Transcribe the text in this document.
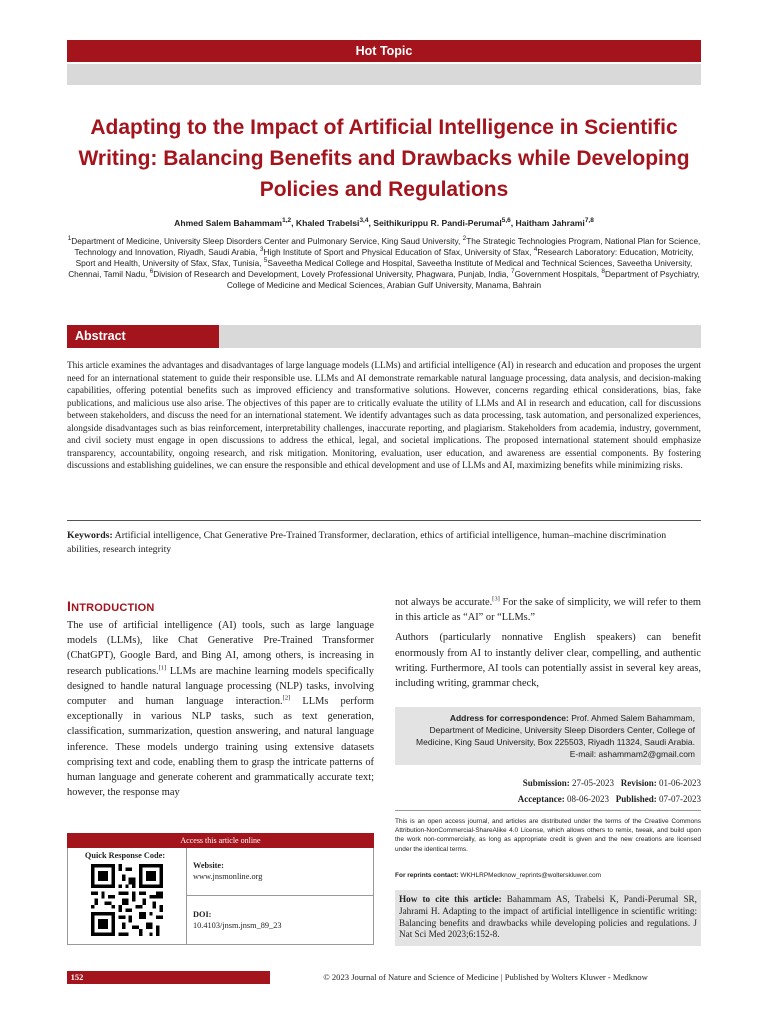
Hot Topic
Adapting to the Impact of Artificial Intelligence in Scientific Writing: Balancing Benefits and Drawbacks while Developing Policies and Regulations
Ahmed Salem Bahammam$^{1,2}$, Khaled Trabelsi$^{3,4}$, Seithikurippu R. Pandi-Perumal$^{5,6}$, Haitham Jahrami$^{7,8}$
$^1$Department of Medicine, University Sleep Disorders Center and Pulmonary Service, King Saud University, $^2$The Strategic Technologies Program, National Plan for Science, Technology and Innovation, Riyadh, Saudi Arabia, $^3$High Institute of Sport and Physical Education of Sfax, University of Sfax, $^4$Research Laboratory: Education, Motricity, Sport and Health, University of Sfax, Sfax, Tunisia, $^5$Saveetha Medical College and Hospital, Saveetha Institute of Medical and Technical Sciences, Saveetha University, Chennai, Tamil Nadu, $^6$Division of Research and Development, Lovely Professional University, Phagwara, Punjab, India, $^7$Government Hospitals, $^8$Department of Psychiatry, College of Medicine and Medical Sciences, Arabian Gulf University, Manama, Bahrain
Abstract
This article examines the advantages and disadvantages of large language models (LLMs) and artificial intelligence (AI) in research and education and proposes the urgent need for an international statement to guide their responsible use. LLMs and AI demonstrate remarkable natural language processing, data analysis, and decision-making capabilities, offering potential benefits such as improved efficiency and transformative solutions. However, concerns regarding ethical considerations, bias, fake publications, and malicious use also arise. The objectives of this paper are to critically evaluate the utility of LLMs and AI in research and education, call for discussions between stakeholders, and discuss the need for an international statement. We identify advantages such as data processing, task automation, and personalized experiences, alongside disadvantages such as bias reinforcement, interpretability challenges, inaccurate reporting, and plagiarism. Stakeholders from academia, industry, government, and civil society must engage in open discussions to address the ethical, legal, and societal implications. The proposed international statement should emphasize transparency, accountability, ongoing research, and risk mitigation. Monitoring, evaluation, user education, and awareness are essential components. By fostering discussions and establishing guidelines, we can ensure the responsible and ethical development and use of LLMs and AI, maximizing benefits while minimizing risks.
Keywords: Artificial intelligence, Chat Generative Pre-Trained Transformer, declaration, ethics of artificial intelligence, human–machine discrimination abilities, research integrity
INTRODUCTION
The use of artificial intelligence (AI) tools, such as large language models (LLMs), like Chat Generative Pre-Trained Transformer (ChatGPT), Google Bard, and Bing AI, among others, is increasing in research publications.[1] LLMs are machine learning models specifically designed to handle natural language processing (NLP) tasks, involving computer and human language interaction.[2] LLMs perform exceptionally in various NLP tasks, such as text generation, classification, summarization, question answering, and natural language inference. These models undergo training using extensive datasets comprising text and code, enabling them to grasp the intricate patterns of human language and generate coherent and grammatically accurate text; however, the response may

not always be accurate.[3] For the sake of simplicity, we will refer to them in this article as “AI” or “LLMs.”

Authors (particularly nonnative English speakers) can benefit enormously from AI to instantly deliver clear, compelling, and authentic writing. Furthermore, AI tools can potentially assist in several key areas, including writing, grammar check,

Access this article online
Quick Response Code:
Website:
www.jnsmonline.org
DOI:
10.4103/jnsm.jnsm_89_23
Address for correspondence: Prof. Ahmed Salem Bahammam,
Department of Medicine, University Sleep Disorders Center, College of
Medicine, King Saud University, Box 225503, Riyadh 11324, Saudi Arabia.
E-mail: ashammam2@gmail.com
Submission: 27-05-2023 Revision: 01-06-2023
Acceptance: 08-06-2023 Published: 07-07-2023
This is an open access journal, and articles are distributed under the terms of the Creative Commons Attribution-NonCommercial-ShareAlike 4.0 License, which allows others to remix, tweak, and build upon the work non-commercially, as long as appropriate credit is given and the new creations are licensed under the identical terms.
For reprints contact: WKHLRPMedknow_reprints@wolterskluwer.com
How to cite this article: Bahammam AS, Trabelsi K, Pandi-Perumal SR, Jahrami H. Adapting to the impact of artificial intelligence in scientific writing: Balancing benefits and drawbacks while developing policies and regulations. J Nat Sci Med 2023;6:152-8.
152	© 2023 Journal of Nature and Science of Medicine | Published by Wolters Kluwer - Medknow
